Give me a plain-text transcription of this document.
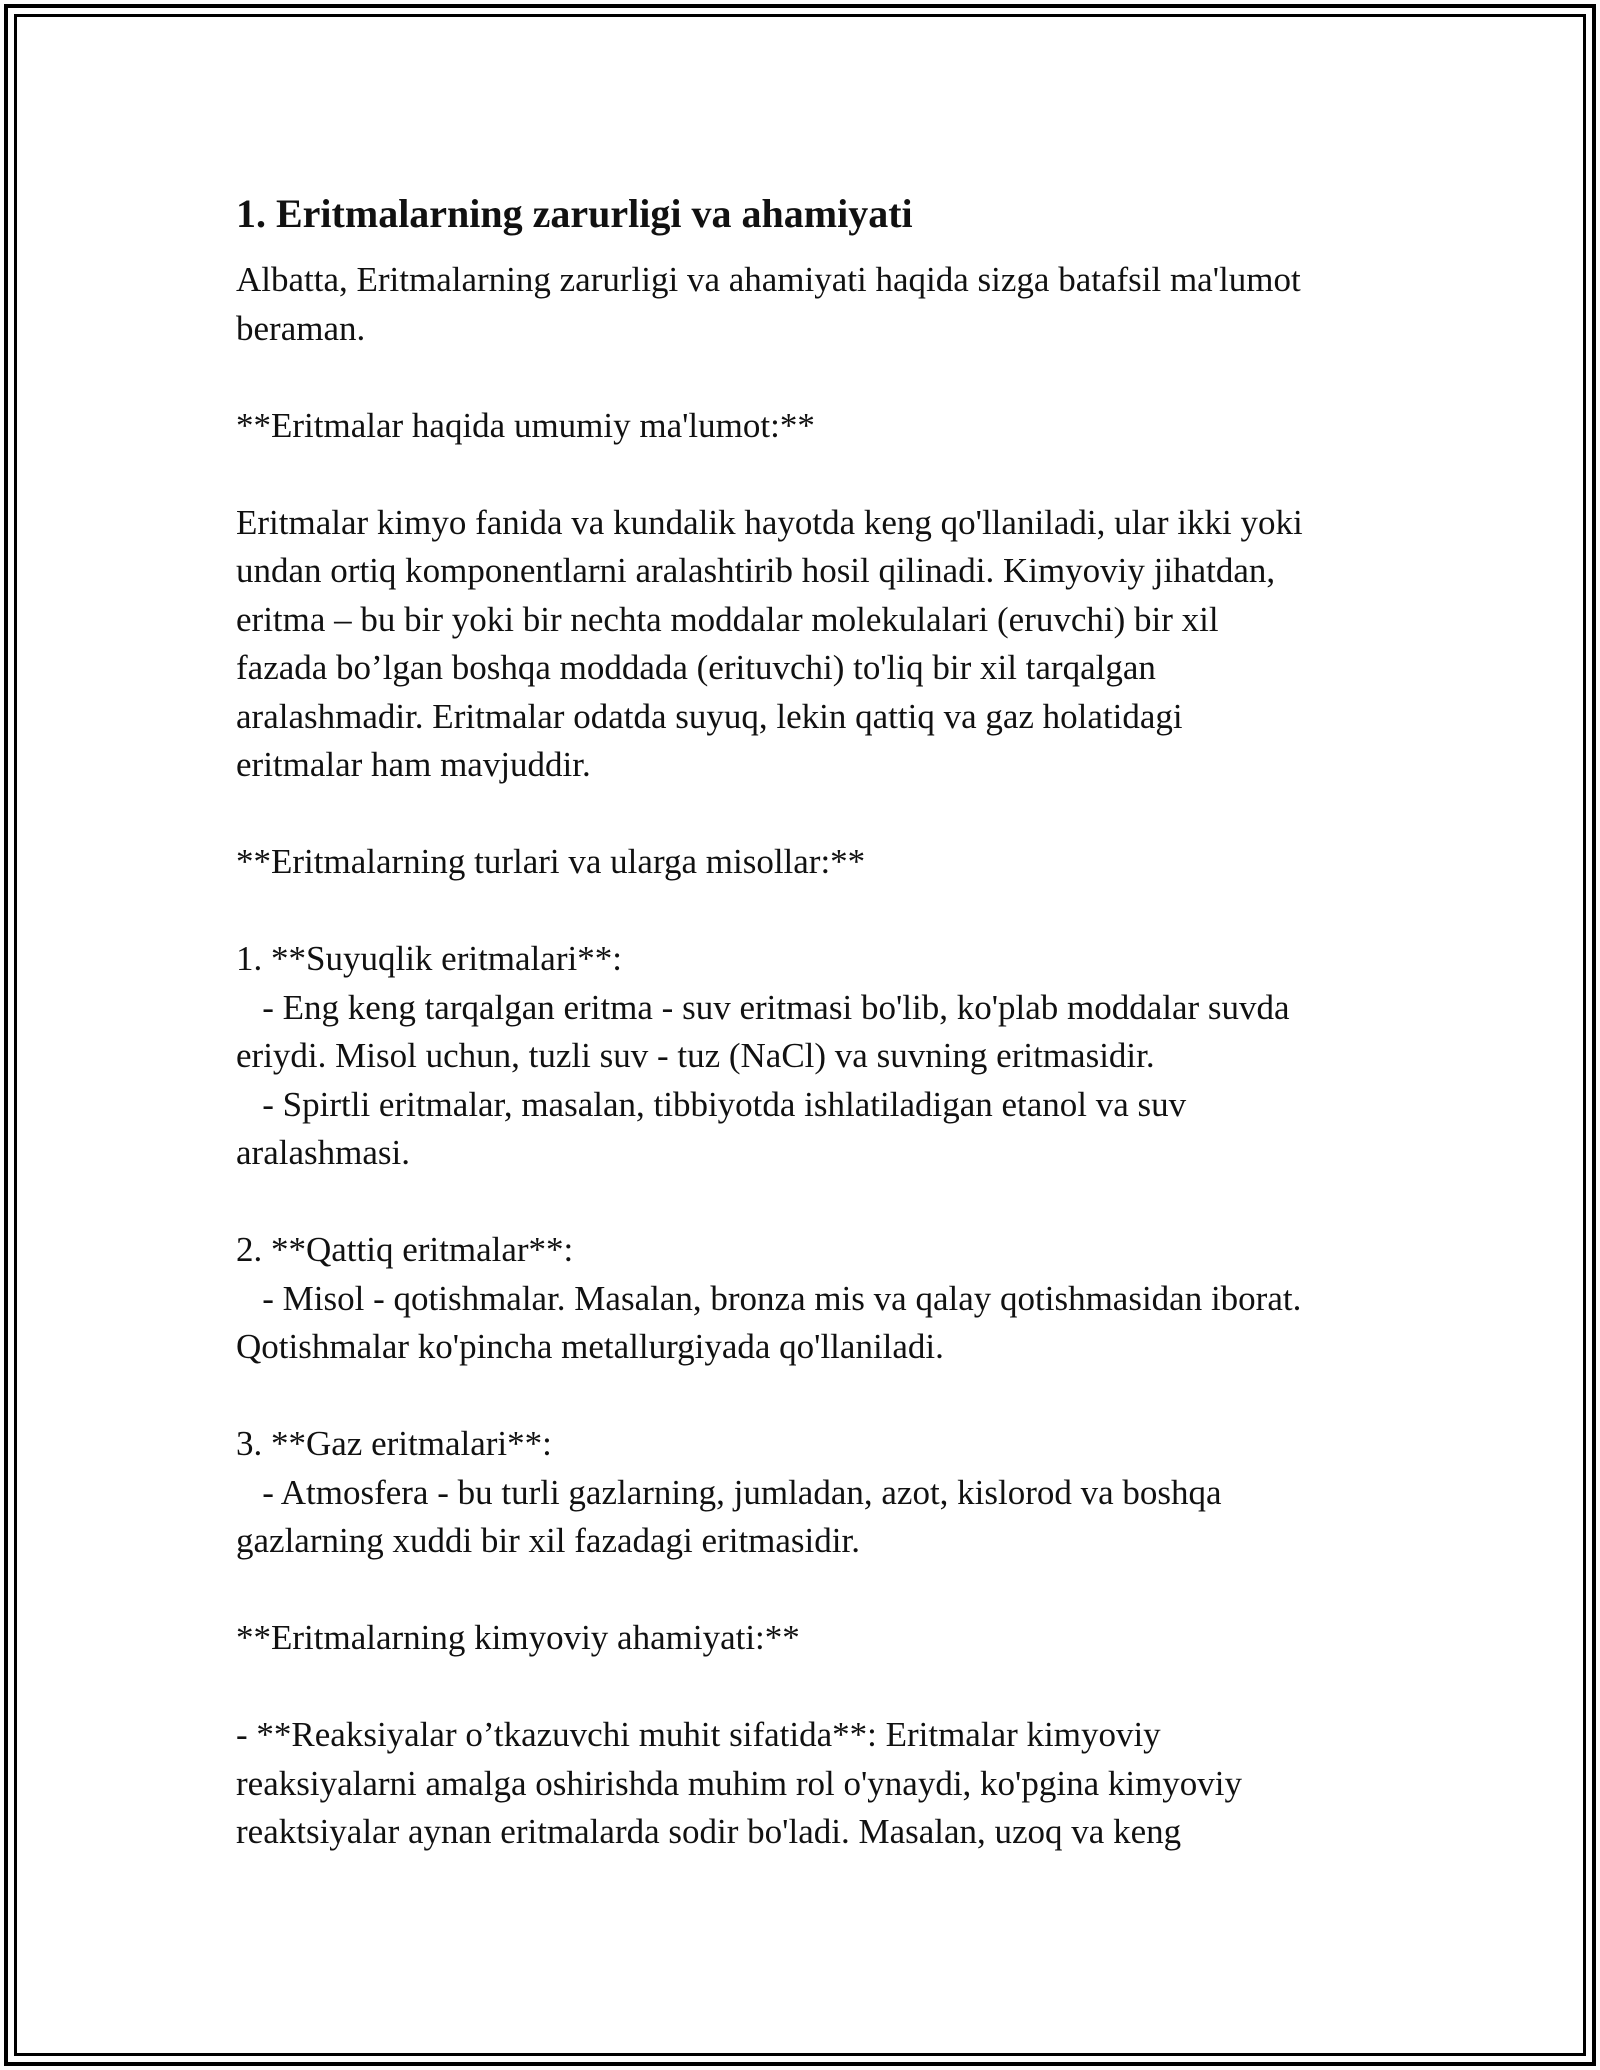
1. Eritmalarning zarurligi va ahamiyati

Albatta, Eritmalarning zarurligi va ahamiyati haqida sizga batafsil ma'lumot
beraman.

**Eritmalar haqida umumiy ma'lumot:**

Eritmalar kimyo fanida va kundalik hayotda keng qo'llaniladi, ular ikki yoki
undan ortiq komponentlarni aralashtirib hosil qilinadi. Kimyoviy jihatdan,
eritma – bu bir yoki bir nechta moddalar molekulalari (eruvchi) bir xil
fazada bo’lgan boshqa moddada (erituvchi) to'liq bir xil tarqalgan
aralashmadir. Eritmalar odatda suyuq, lekin qattiq va gaz holatidagi
eritmalar ham mavjuddir.

**Eritmalarning turlari va ularga misollar:**

1. **Suyuqlik eritmalari**:
- Eng keng tarqalgan eritma - suv eritmasi bo'lib, ko'plab moddalar suvda
eriydi. Misol uchun, tuzli suv - tuz (NaCl) va suvning eritmasidir.
- Spirtli eritmalar, masalan, tibbiyotda ishlatiladigan etanol va suv
aralashmasi.

2. **Qattiq eritmalar**:
- Misol - qotishmalar. Masalan, bronza mis va qalay qotishmasidan iborat.
Qotishmalar ko'pincha metallurgiyada qo'llaniladi.

3. **Gaz eritmalari**:
- Atmosfera - bu turli gazlarning, jumladan, azot, kislorod va boshqa
gazlarning xuddi bir xil fazadagi eritmasidir.

**Eritmalarning kimyoviy ahamiyati:**

- **Reaksiyalar o’tkazuvchi muhit sifatida**: Eritmalar kimyoviy
reaksiyalarni amalga oshirishda muhim rol o'ynaydi, ko'pgina kimyoviy
reaktsiyalar aynan eritmalarda sodir bo'ladi. Masalan, uzoq va keng
